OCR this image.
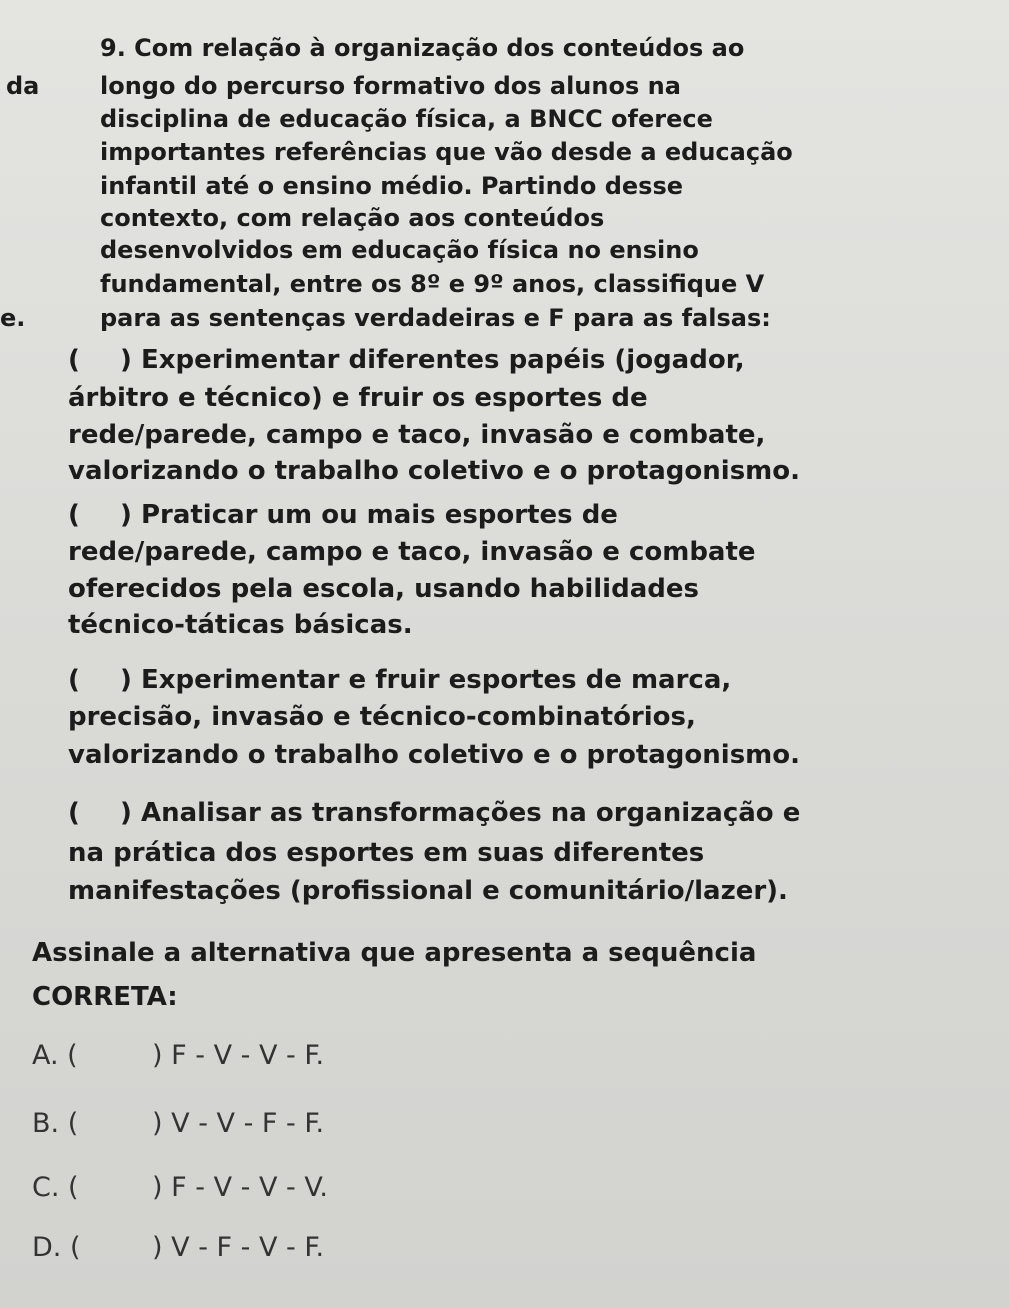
da
e.
9. Com relação à organização dos conteúdos ao
longo do percurso formativo dos alunos na
disciplina de educação física, a BNCC oferece
importantes referências que vão desde a educação
infantil até o ensino médio. Partindo desse
contexto, com relação aos conteúdos
desenvolvidos em educação física no ensino
fundamental, entre os 8º e 9º anos, classifique V
para as sentenças verdadeiras e F para as falsas:
( ) Experimentar diferentes papéis (jogador,
árbitro e técnico) e fruir os esportes de
rede/parede, campo e taco, invasão e combate,
valorizando o trabalho coletivo e o protagonismo.
( ) Praticar um ou mais esportes de
rede/parede, campo e taco, invasão e combate
oferecidos pela escola, usando habilidades
técnico-táticas básicas.
( ) Experimentar e fruir esportes de marca,
precisão, invasão e técnico-combinatórios,
valorizando o trabalho coletivo e o protagonismo.
( ) Analisar as transformações na organização e
na prática dos esportes em suas diferentes
manifestações (profissional e comunitário/lazer).
Assinale a alternativa que apresenta a sequência
CORRETA:
A. (	) F - V - V - F.
B. (	) V - V - F - F.
C. (	) F - V - V - V.
D. (	) V - F - V - F.
